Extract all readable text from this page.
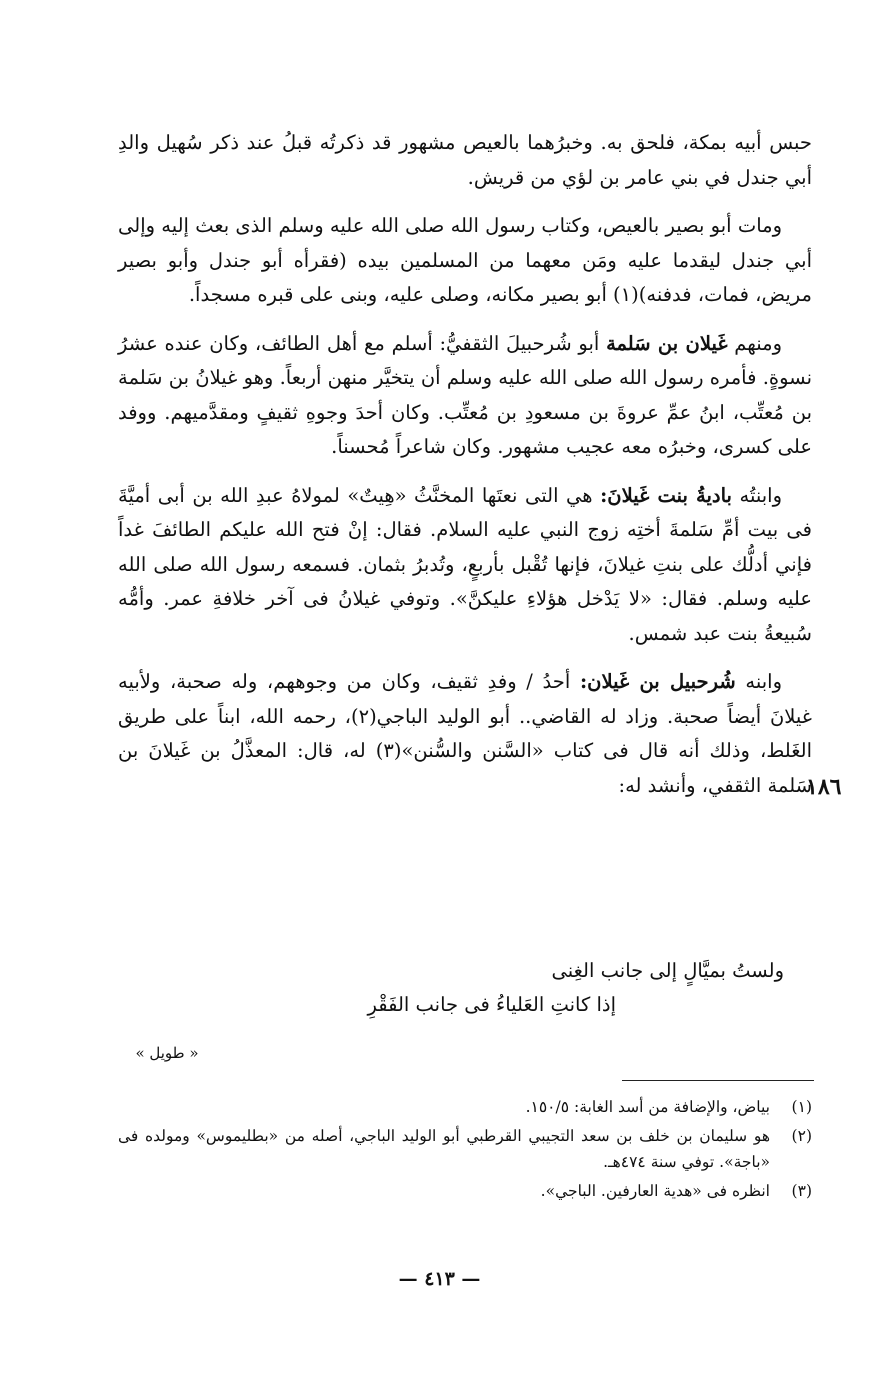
حبس أبيه بمكة، فلحق به. وخبرُهما بالعيص مشهور قد ذكرتُه قبلُ عند ذكر سُهيل والدِ أبي جندل في بني عامر بن لؤي من قريش.

ومات أبو بصير بالعيص، وكتاب رسول الله صلى الله عليه وسلم الذى بعث إليه وإلى أبي جندل ليقدما عليه ومَن معهما من المسلمين بيده (فقرأه أبو جندل وأبو بصير مريض، فمات، فدفنه)(١) أبو بصير مكانه، وصلى عليه، وبنى على قبره مسجداً.

ومنهم غَيلان بن سَلمة أبو شُرحبيلَ الثقفيُّ: أسلم مع أهل الطائف، وكان عنده عشرُ نسوةٍ. فأمره رسول الله صلى الله عليه وسلم أن يتخيَّر منهن أربعاً. وهو غيلانُ بن سَلمة بن مُعتِّب، ابنُ عمِّ عروةَ بن مسعودِ بن مُعتِّب. وكان أحدَ وجوهِ ثقيفٍ ومقدَّميهم. ووفد على كسرى، وخبرُه معه عجيب مشهور. وكان شاعراً مُحسناً.

وابنتُه باديةُ بنت غَيلانَ: هي التى نعتَها المخنَّثُ «هِيتٌ» لمولاهُ عبدِ الله بن أبى أميَّةَ فى بيت أمِّ سَلمةَ أختِه زوج النبي عليه السلام. فقال: إنْ فتح الله عليكم الطائفَ غداً فإني أدلُّك على بنتِ غيلانَ، فإنها تُقْبل بأربعٍ، وتُدبرُ بثمان. فسمعه رسول الله صلى الله عليه وسلم. فقال: «لا يَدْخل هؤلاءِ عليكنَّ». وتوفي غيلانُ فى آخر خلافةِ عمر. وأمُّه سُبيعةُ بنت عبد شمس.

وابنه شُرحبيل بن غَيلان: أحدُ / وفدِ ثقيف، وكان من وجوههم، وله صحبة، ولأبيه غيلانَ أيضاً صحبة. وزاد له القاضي.. أبو الوليد الباجي(٢)، رحمه الله، ابناً على طريق الغَلط، وذلك أنه قال فى كتاب «السَّنن والسُّنن»(٣) له، قال: المعذَّلُ بن غَيلانَ بن سَلمة الثقفي، وأنشد له:

١٨٦
ولستُ بميَّالٍ إلى جانب الغِنى
إذا كانتِ العَلياءُ فى جانب الفَقْرِ
« طويل »
(١)
بياض، والإضافة من أسد الغابة: ١٥٠/٥.
(٢)
هو سليمان بن خلف بن سعد التجيبي القرطبي أبو الوليد الباجي، أصله من «بطليموس» ومولده فى «باجة». توفي سنة ٤٧٤هـ.
(٣)
انظره فى «هدية العارفين. الباجي».
— ٤١٣ —
